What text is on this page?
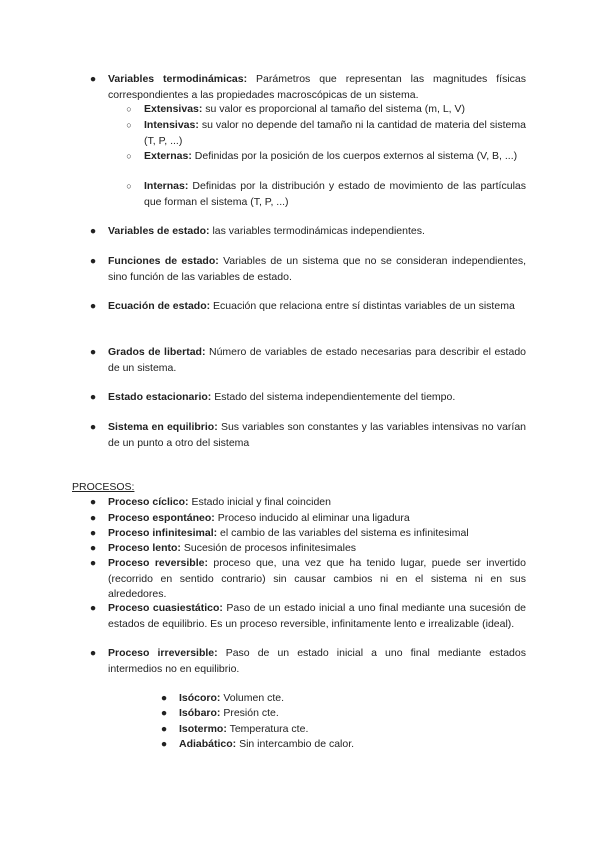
● Variables termodinámicas: Parámetros que representan las magnitudes físicas correspondientes a las propiedades macroscópicas de un sistema.
○ Extensivas: su valor es proporcional al tamaño del sistema (m, L, V)
○ Intensivas: su valor no depende del tamaño ni la cantidad de materia del sistema (T, P, ...)
○ Externas: Definidas por la posición de los cuerpos externos al sistema (V, B, ...)
○ Internas: Definidas por la distribución y estado de movimiento de las partículas que forman el sistema (T, P, ...)
● Variables de estado: las variables termodinámicas independientes.
● Funciones de estado: Variables de un sistema que no se consideran independientes, sino función de las variables de estado.
● Ecuación de estado: Ecuación que relaciona entre sí distintas variables de un sistema
● Grados de libertad: Número de variables de estado necesarias para describir el estado de un sistema.
● Estado estacionario: Estado del sistema independientemente del tiempo.
● Sistema en equilibrio: Sus variables son constantes y las variables intensivas no varían de un punto a otro del sistema
PROCESOS:
● Proceso cíclico: Estado inicial y final coinciden
● Proceso espontáneo: Proceso inducido al eliminar una ligadura
● Proceso infinitesimal: el cambio de las variables del sistema es infinitesimal
● Proceso lento: Sucesión de procesos infinitesimales
● Proceso reversible: proceso que, una vez que ha tenido lugar, puede ser invertido (recorrido en sentido contrario) sin causar cambios ni en el sistema ni en sus alrededores.
● Proceso cuasiestático: Paso de un estado inicial a uno final mediante una sucesión de estados de equilibrio. Es un proceso reversible, infinitamente lento e irrealizable (ideal).
● Proceso irreversible: Paso de un estado inicial a uno final mediante estados intermedios no en equilibrio.
● Isócoro: Volumen cte.
● Isóbaro: Presión cte.
● Isotermo: Temperatura cte.
● Adiabático: Sin intercambio de calor.
